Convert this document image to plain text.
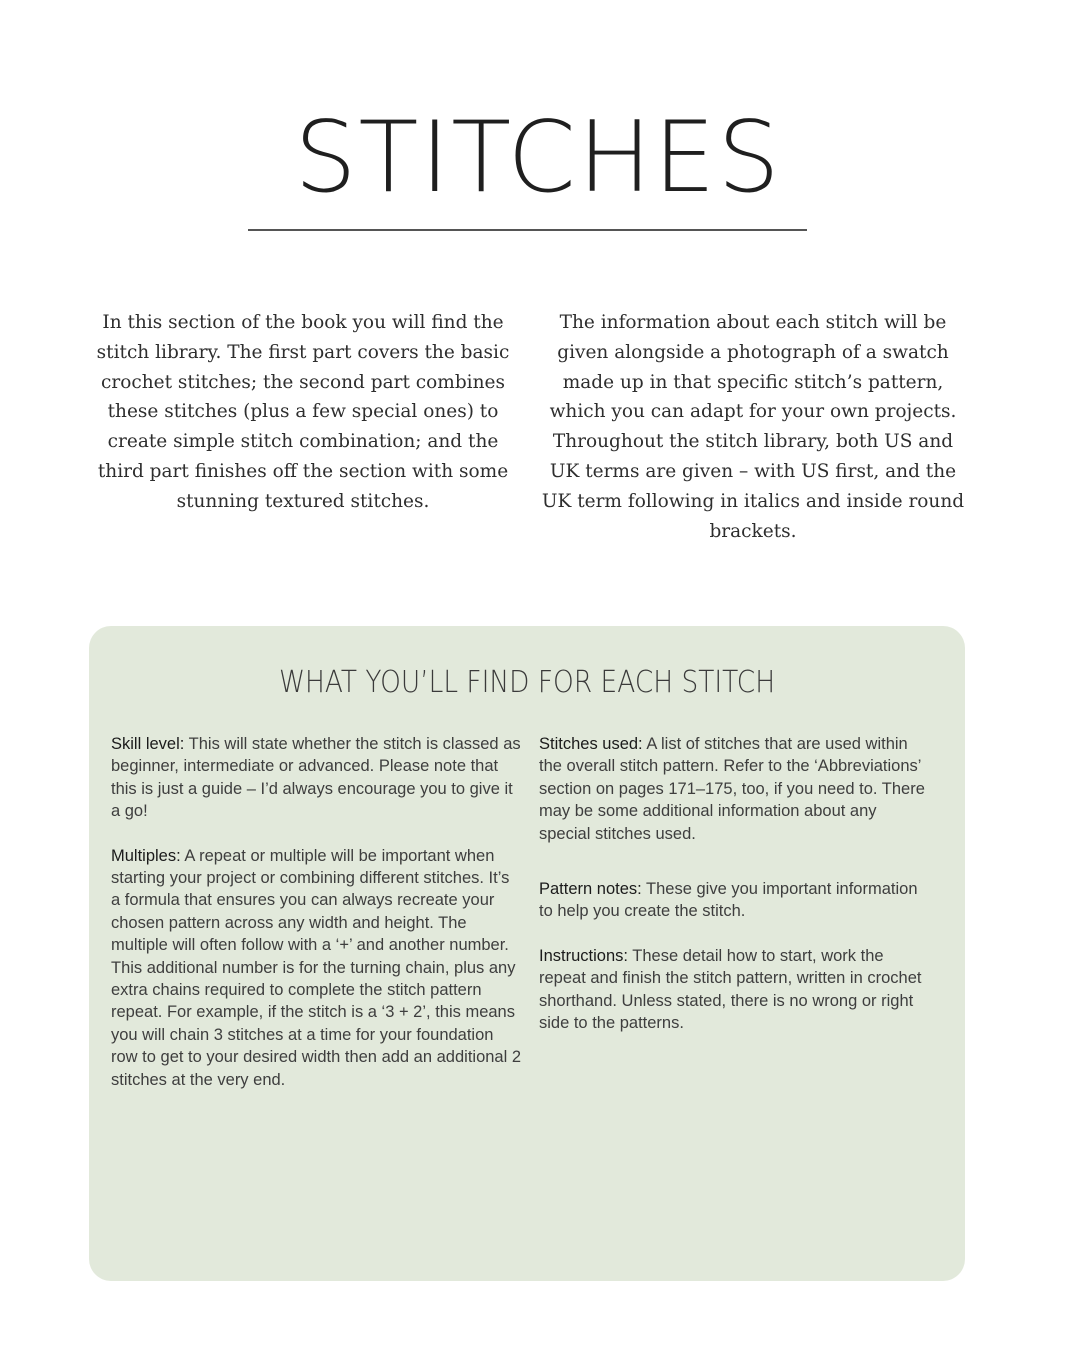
STITCHES

In this section of the book you will find the stitch library. The first part covers the basic crochet stitches; the second part combines these stitches (plus a few special ones) to create simple stitch combination; and the third part finishes off the section with some stunning textured stitches.

The information about each stitch will be given alongside a photograph of a swatch made up in that specific stitch’s pattern, which you can adapt for your own projects. Throughout the stitch library, both US and UK terms are given – with US first, and the UK term following in italics and inside round brackets.

WHAT YOU’LL FIND FOR EACH STITCH

Skill level: This will state whether the stitch is classed as beginner, intermediate or advanced. Please note that this is just a guide – I’d always encourage you to give it a go!

Multiples: A repeat or multiple will be important when starting your project or combining different stitches. It’s a formula that ensures you can always recreate your chosen pattern across any width and height. The multiple will often follow with a ‘+’ and another number. This additional number is for the turning chain, plus any extra chains required to complete the stitch pattern repeat. For example, if the stitch is a ‘3 + 2’, this means you will chain 3 stitches at a time for your foundation row to get to your desired width then add an additional 2 stitches at the very end.

Stitches used: A list of stitches that are used within the overall stitch pattern. Refer to the ‘Abbreviations’ section on pages 171–175, too, if you need to. There may be some additional information about any special stitches used.

Pattern notes: These give you important information to help you create the stitch.

Instructions: These detail how to start, work the repeat and finish the stitch pattern, written in crochet shorthand. Unless stated, there is no wrong or right side to the patterns.
